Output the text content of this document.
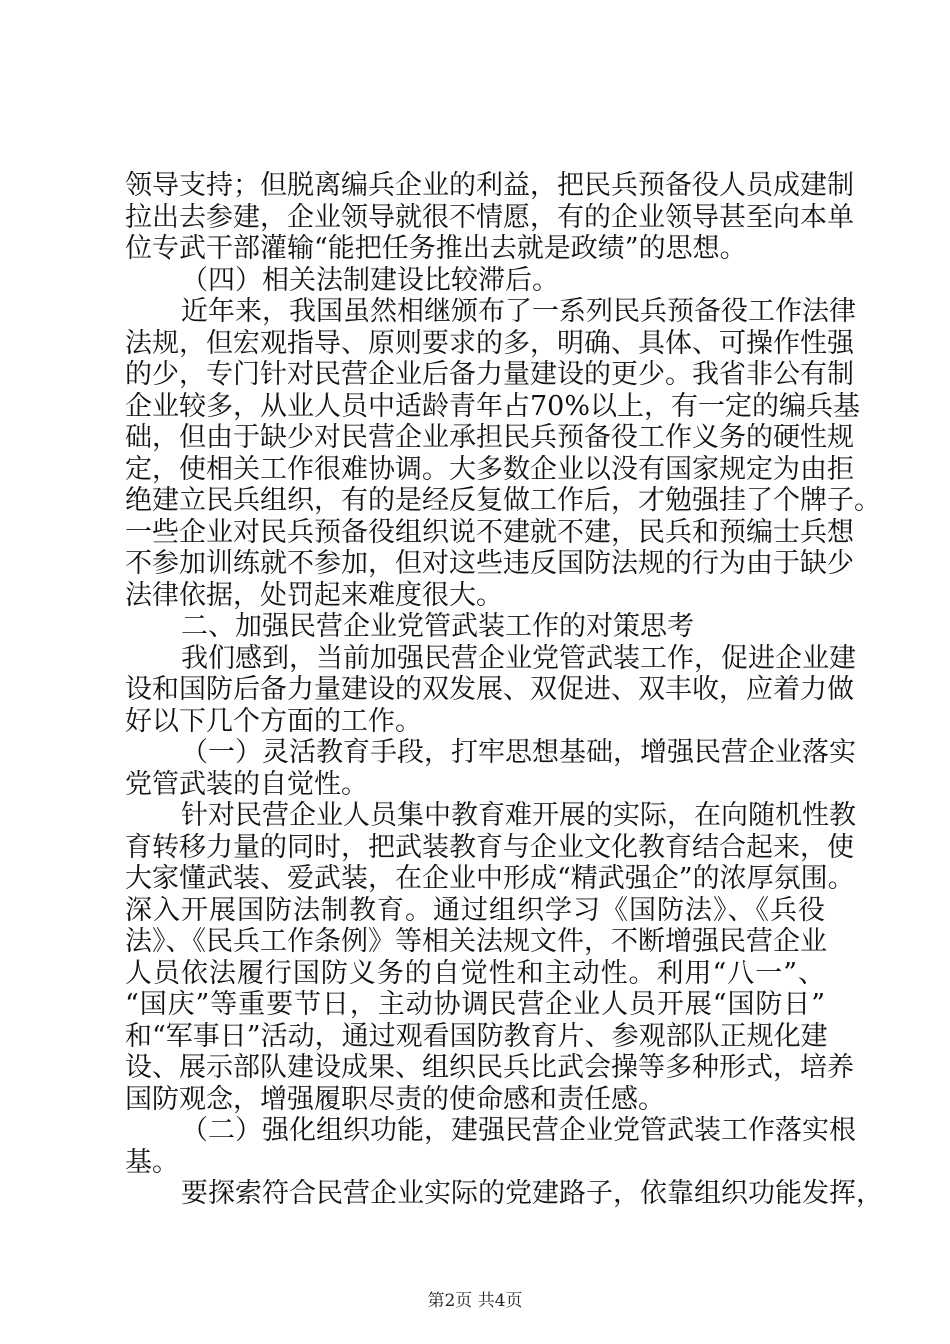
领导支持；但脱离编兵企业的利益，把民兵预备役人员成建制
拉出去参建，企业领导就很不情愿，有的企业领导甚至向本单
位专武干部灌输“能把任务推出去就是政绩”的思想。
（四）相关法制建设比较滞后。
近年来，我国虽然相继颁布了一系列民兵预备役工作法律
法规，但宏观指导、原则要求的多，明确、具体、可操作性强
的少，专门针对民营企业后备力量建设的更少。我省非公有制
企业较多，从业人员中适龄青年占70%以上，有一定的编兵基
础，但由于缺少对民营企业承担民兵预备役工作义务的硬性规
定，使相关工作很难协调。大多数企业以没有国家规定为由拒
绝建立民兵组织，有的是经反复做工作后，才勉强挂了个牌子。
一些企业对民兵预备役组织说不建就不建，民兵和预编士兵想
不参加训练就不参加，但对这些违反国防法规的行为由于缺少
法律依据，处罚起来难度很大。
二、加强民营企业党管武装工作的对策思考
我们感到，当前加强民营企业党管武装工作，促进企业建
设和国防后备力量建设的双发展、双促进、双丰收，应着力做
好以下几个方面的工作。
（一）灵活教育手段，打牢思想基础，增强民营企业落实
党管武装的自觉性。
针对民营企业人员集中教育难开展的实际，在向随机性教
育转移力量的同时，把武装教育与企业文化教育结合起来，使
大家懂武装、爱武装，在企业中形成“精武强企”的浓厚氛围。
深入开展国防法制教育。通过组织学习《国防法》、《兵役
法》、《民兵工作条例》等相关法规文件，不断增强民营企业
人员依法履行国防义务的自觉性和主动性。利用“八一”、
“国庆”等重要节日，主动协调民营企业人员开展“国防日”
和“军事日”活动，通过观看国防教育片、参观部队正规化建
设、展示部队建设成果、组织民兵比武会操等多种形式，培养
国防观念，增强履职尽责的使命感和责任感。
（二）强化组织功能，建强民营企业党管武装工作落实根
基。
要探索符合民营企业实际的党建路子，依靠组织功能发挥，
第2页 共4页
